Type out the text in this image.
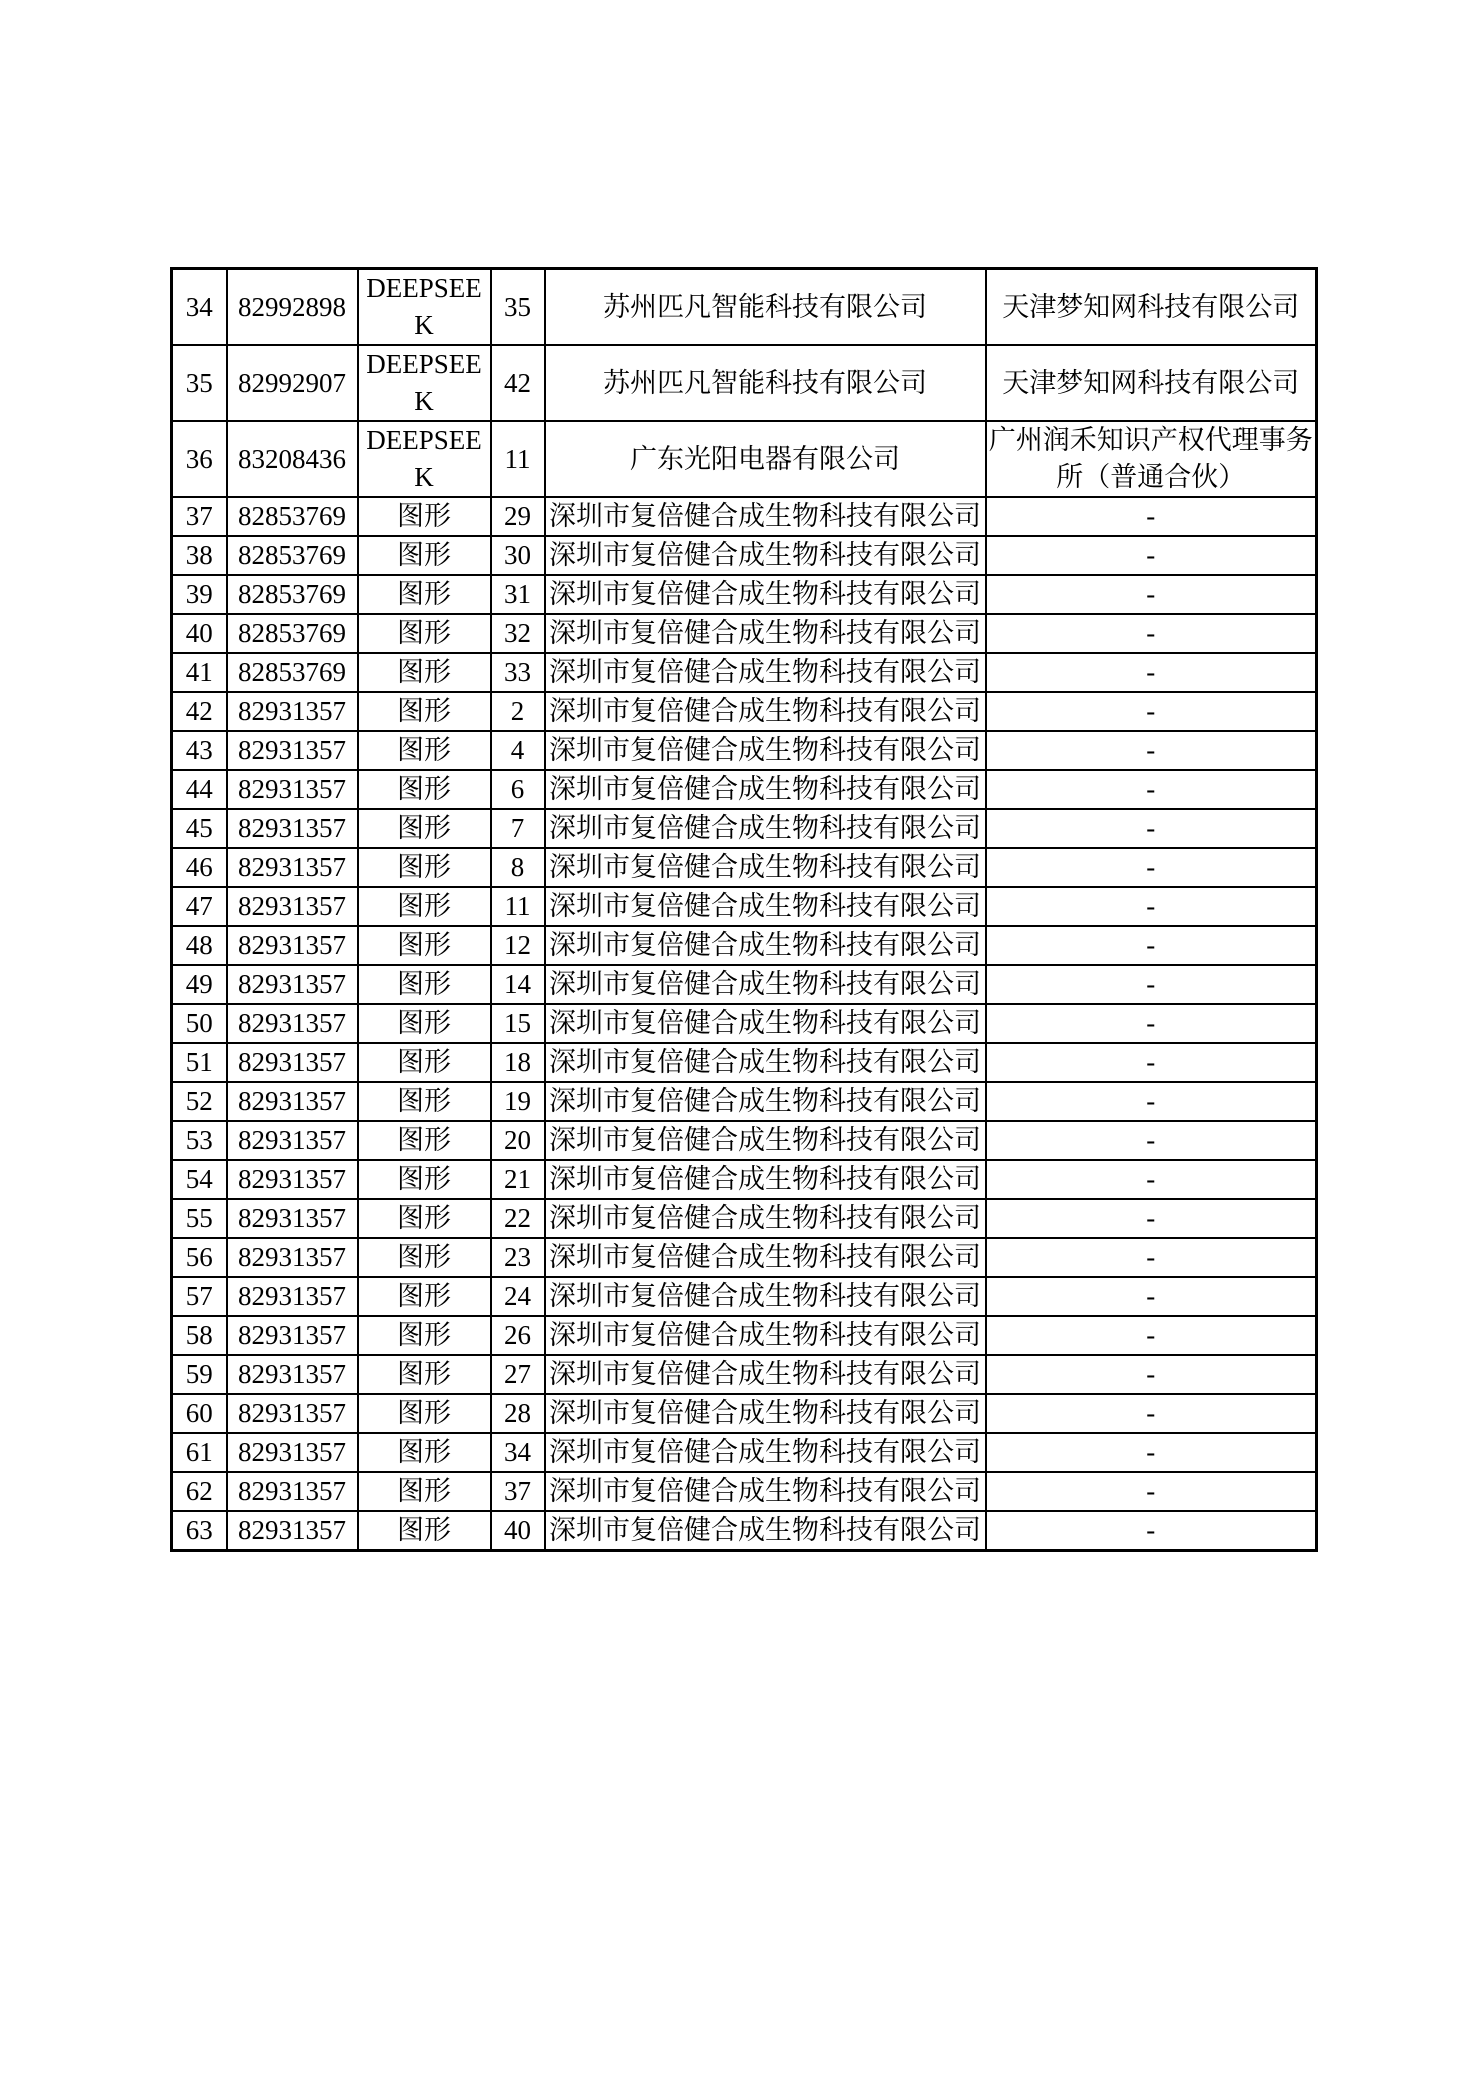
34	82992898	DEEPSEEK	35	苏州匹凡智能科技有限公司	天津梦知网科技有限公司
35	82992907	DEEPSEEK	42	苏州匹凡智能科技有限公司	天津梦知网科技有限公司
36	83208436	DEEPSEEK	11	广东光阳电器有限公司	广州润禾知识产权代理事务所（普通合伙）
37	82853769	图形	29	深圳市复倍健合成生物科技有限公司	-
38	82853769	图形	30	深圳市复倍健合成生物科技有限公司	-
39	82853769	图形	31	深圳市复倍健合成生物科技有限公司	-
40	82853769	图形	32	深圳市复倍健合成生物科技有限公司	-
41	82853769	图形	33	深圳市复倍健合成生物科技有限公司	-
42	82931357	图形	2	深圳市复倍健合成生物科技有限公司	-
43	82931357	图形	4	深圳市复倍健合成生物科技有限公司	-
44	82931357	图形	6	深圳市复倍健合成生物科技有限公司	-
45	82931357	图形	7	深圳市复倍健合成生物科技有限公司	-
46	82931357	图形	8	深圳市复倍健合成生物科技有限公司	-
47	82931357	图形	11	深圳市复倍健合成生物科技有限公司	-
48	82931357	图形	12	深圳市复倍健合成生物科技有限公司	-
49	82931357	图形	14	深圳市复倍健合成生物科技有限公司	-
50	82931357	图形	15	深圳市复倍健合成生物科技有限公司	-
51	82931357	图形	18	深圳市复倍健合成生物科技有限公司	-
52	82931357	图形	19	深圳市复倍健合成生物科技有限公司	-
53	82931357	图形	20	深圳市复倍健合成生物科技有限公司	-
54	82931357	图形	21	深圳市复倍健合成生物科技有限公司	-
55	82931357	图形	22	深圳市复倍健合成生物科技有限公司	-
56	82931357	图形	23	深圳市复倍健合成生物科技有限公司	-
57	82931357	图形	24	深圳市复倍健合成生物科技有限公司	-
58	82931357	图形	26	深圳市复倍健合成生物科技有限公司	-
59	82931357	图形	27	深圳市复倍健合成生物科技有限公司	-
60	82931357	图形	28	深圳市复倍健合成生物科技有限公司	-
61	82931357	图形	34	深圳市复倍健合成生物科技有限公司	-
62	82931357	图形	37	深圳市复倍健合成生物科技有限公司	-
63	82931357	图形	40	深圳市复倍健合成生物科技有限公司	-
